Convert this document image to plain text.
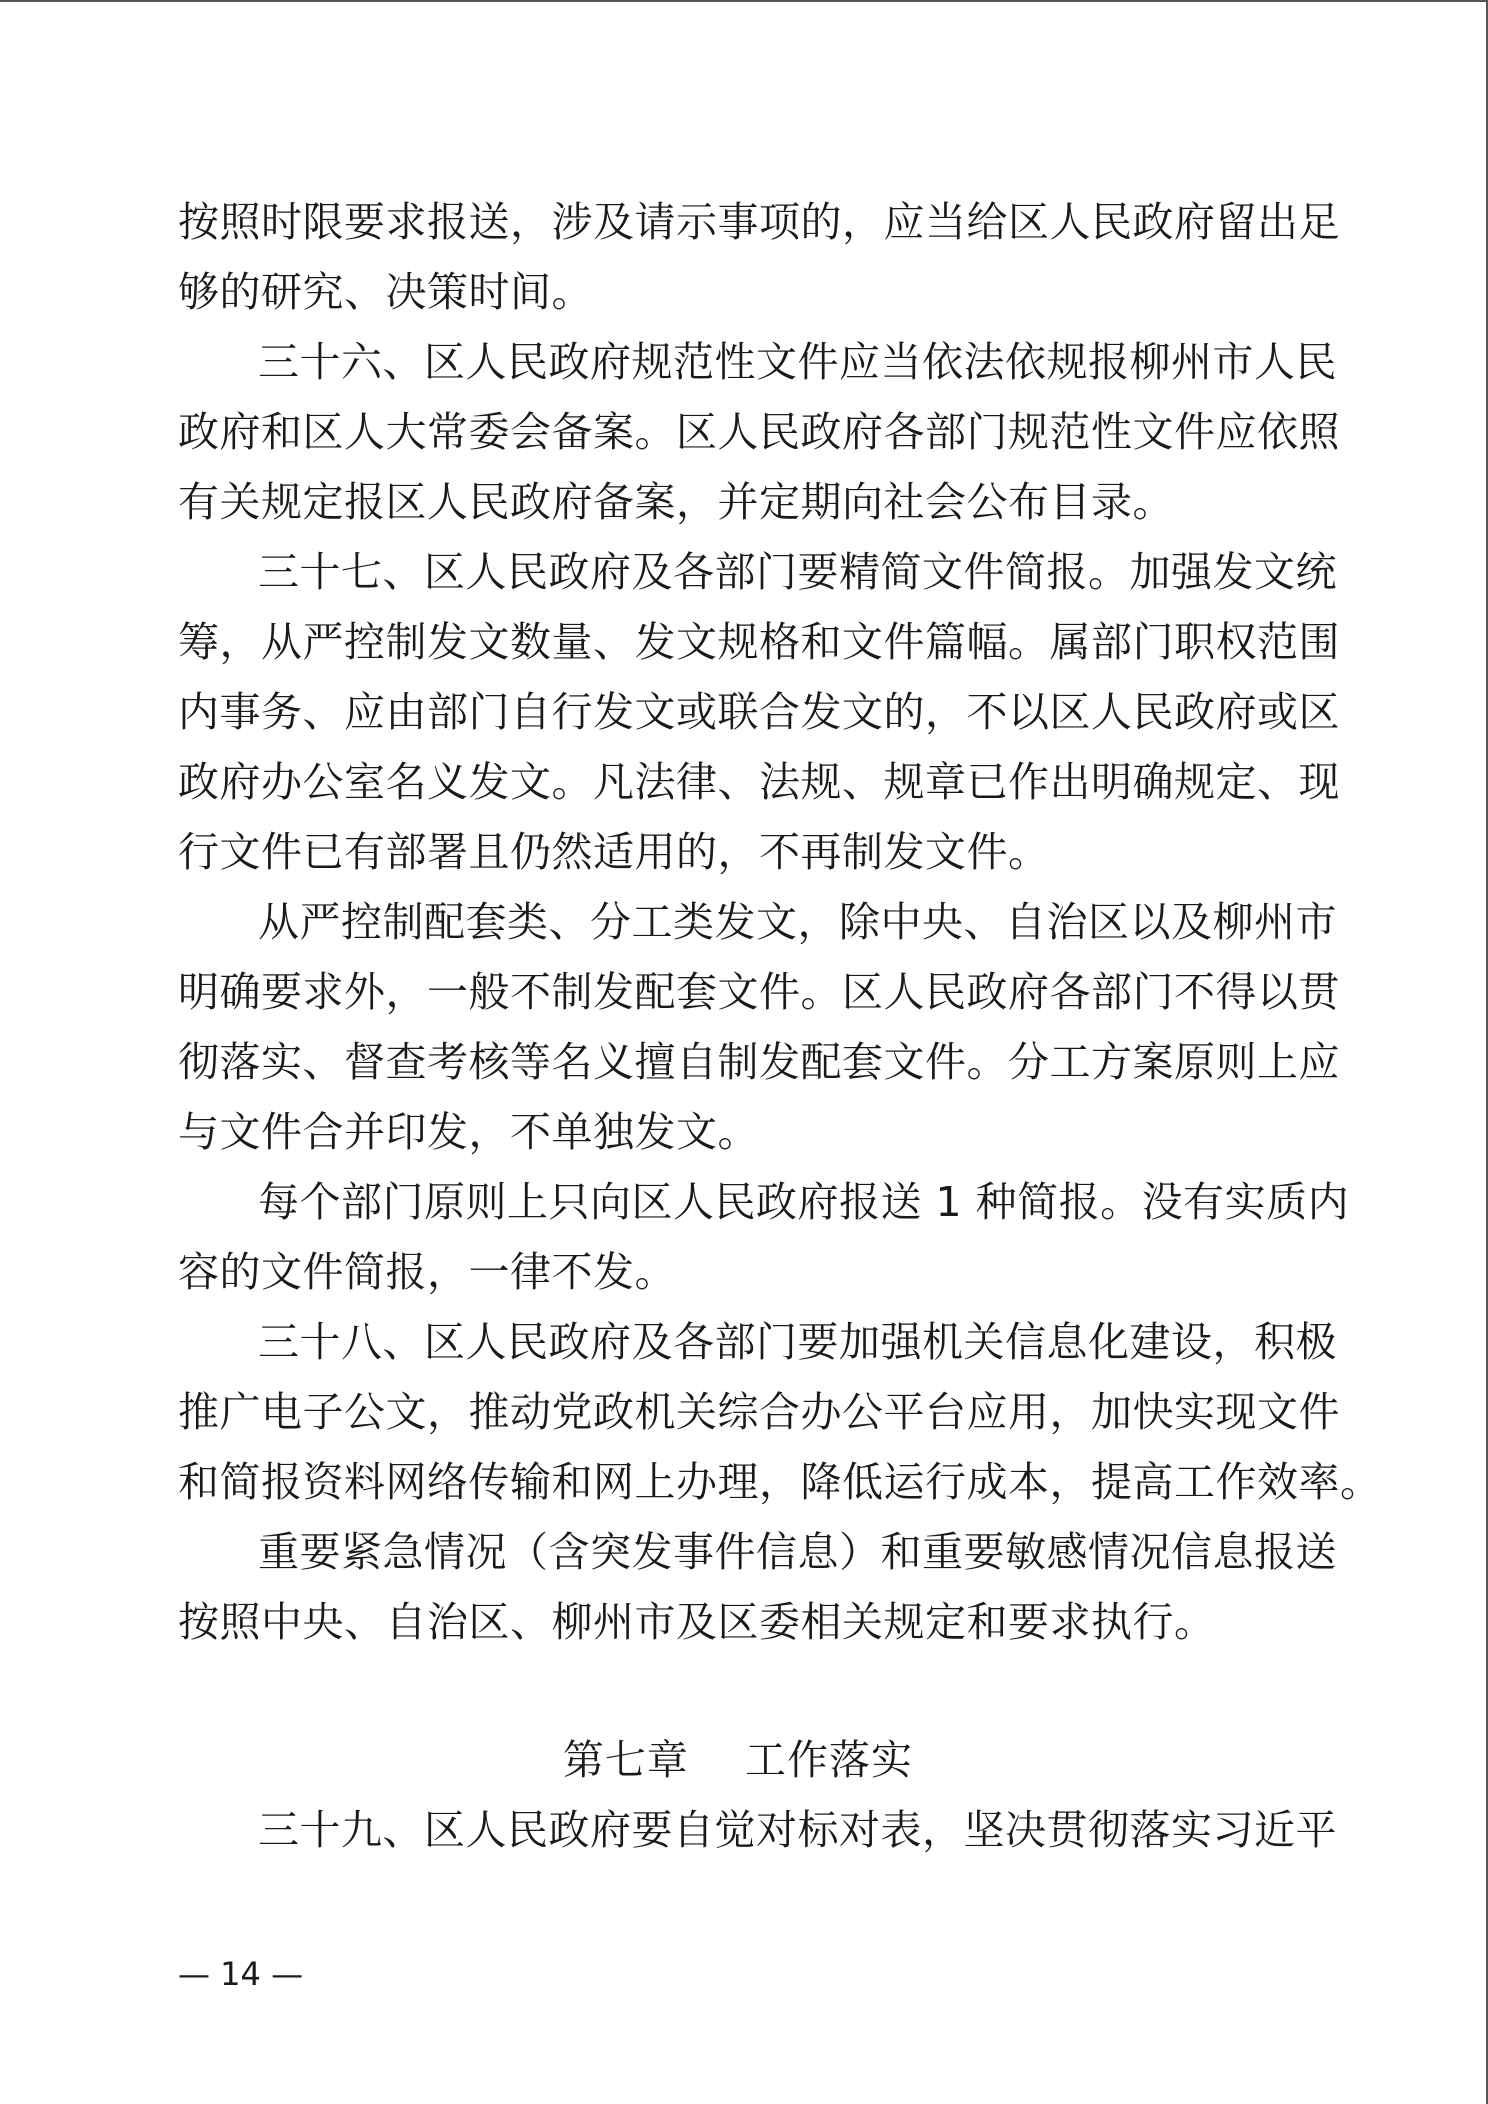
按照时限要求报送，涉及请示事项的，应当给区人民政府留出足
够的研究、决策时间。
三十六、区人民政府规范性文件应当依法依规报柳州市人民
政府和区人大常委会备案。区人民政府各部门规范性文件应依照
有关规定报区人民政府备案，并定期向社会公布目录。
三十七、区人民政府及各部门要精简文件简报。加强发文统
筹，从严控制发文数量、发文规格和文件篇幅。属部门职权范围
内事务、应由部门自行发文或联合发文的，不以区人民政府或区
政府办公室名义发文。凡法律、法规、规章已作出明确规定、现
行文件已有部署且仍然适用的，不再制发文件。
从严控制配套类、分工类发文，除中央、自治区以及柳州市
明确要求外，一般不制发配套文件。区人民政府各部门不得以贯
彻落实、督查考核等名义擅自制发配套文件。分工方案原则上应
与文件合并印发，不单独发文。
每个部门原则上只向区人民政府报送 1 种简报。没有实质内
容的文件简报，一律不发。
三十八、区人民政府及各部门要加强机关信息化建设，积极
推广电子公文，推动党政机关综合办公平台应用，加快实现文件
和简报资料网络传输和网上办理，降低运行成本，提高工作效率。
重要紧急情况（含突发事件信息）和重要敏感情况信息报送
按照中央、自治区、柳州市及区委相关规定和要求执行。
第七章    工作落实
三十九、区人民政府要自觉对标对表，坚决贯彻落实习近平
— 14 —
